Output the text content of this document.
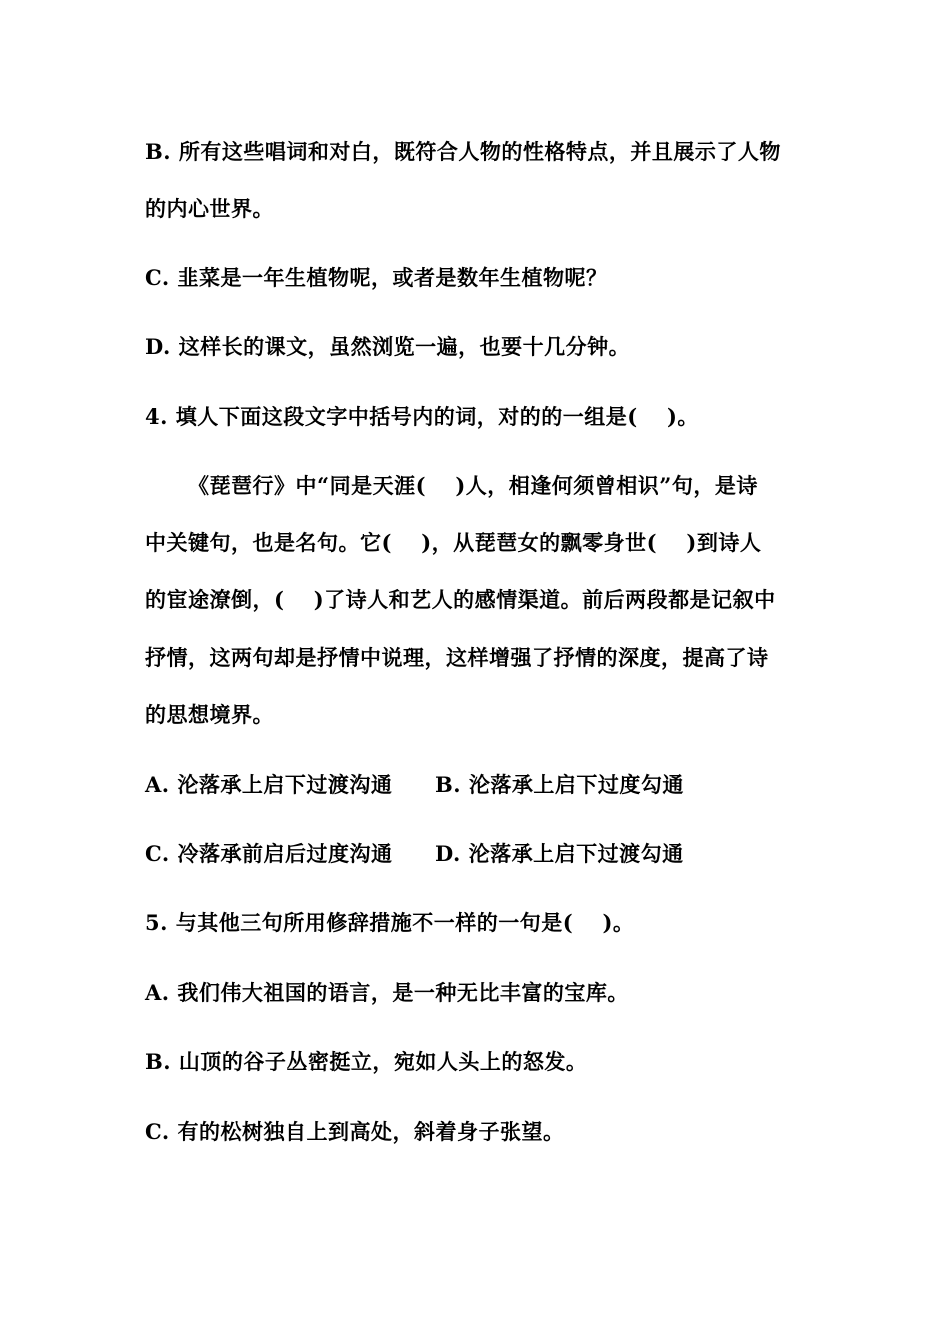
B. 所有这些唱词和对白，既符合人物的性格特点，并且展示了人物
的内心世界。
C. 韭菜是一年生植物呢，或者是数年生植物呢？
D. 这样长的课文，虽然浏览一遍，也要十几分钟。
4. 填人下面这段文字中括号内的词，对的的一组是(　 )。
《琵琶行》中“同是天涯(　 )人，相逢何须曾相识”句，是诗
中关键句，也是名句。它(　 )，从琵琶女的飘零身世(　 )到诗人
的宦途潦倒，(　 )了诗人和艺人的感情渠道。前后两段都是记叙中
抒情，这两句却是抒情中说理，这样增强了抒情的深度，提高了诗
的思想境界。
A. 沦落承上启下过渡沟通 B. 沦落承上启下过度勾通
C. 冷落承前启后过度沟通 D. 沦落承上启下过渡勾通
5. 与其他三句所用修辞措施不一样的一句是(　 )。
A. 我们伟大祖国的语言，是一种无比丰富的宝库。
B. 山顶的谷子丛密挺立，宛如人头上的怒发。
C. 有的松树独自上到高处，斜着身子张望。
